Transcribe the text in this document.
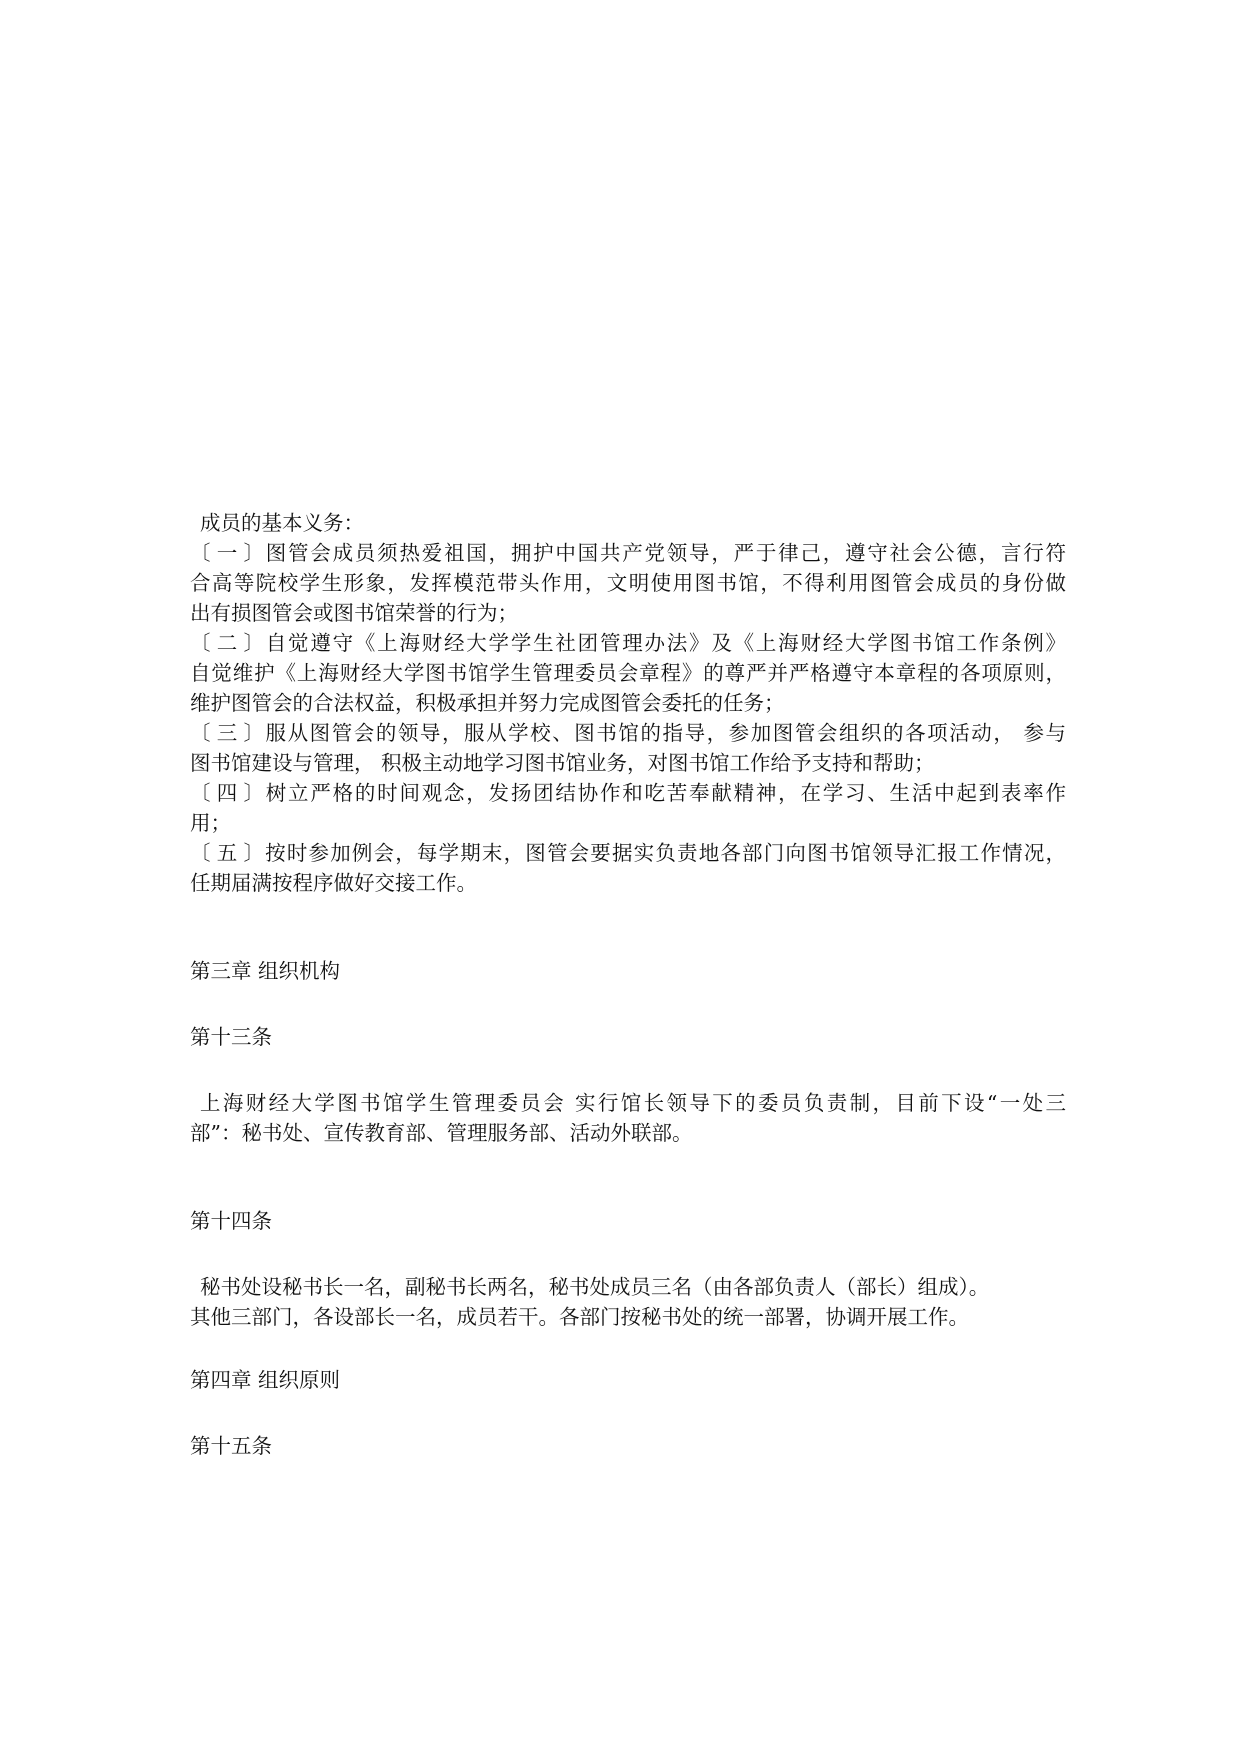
成员的基本义务：
〔一〕图管会成员须热爱祖国，拥护中国共产党领导，严于律己，遵守社会公德，言行符
合高等院校学生形象，发挥模范带头作用，文明使用图书馆，不得利用图管会成员的身份做
出有损图管会或图书馆荣誉的行为；
〔二〕自觉遵守《上海财经大学学生社团管理办法》及《上海财经大学图书馆工作条例》
自觉维护《上海财经大学图书馆学生管理委员会章程》的尊严并严格遵守本章程的各项原则，
维护图管会的合法权益，积极承担并努力完成图管会委托的任务；
〔三〕服从图管会的领导，服从学校、图书馆的指导，参加图管会组织的各项活动， 参与
图书馆建设与管理， 积极主动地学习图书馆业务，对图书馆工作给予支持和帮助；
〔四〕树立严格的时间观念，发扬团结协作和吃苦奉献精神，在学习、生活中起到表率作
用；
〔五〕按时参加例会，每学期末，图管会要据实负责地各部门向图书馆领导汇报工作情况，
任期届满按程序做好交接工作。
第三章 组织机构
第十三条
上海财经大学图书馆学生管理委员会 实行馆长领导下的委员负责制，目前下设“一处三
部”：秘书处、宣传教育部、管理服务部、活动外联部。
第十四条
秘书处设秘书长一名，副秘书长两名，秘书处成员三名（由各部负责人（部长）组成）。
其他三部门，各设部长一名，成员若干。各部门按秘书处的统一部署，协调开展工作。
第四章 组织原则
第十五条
